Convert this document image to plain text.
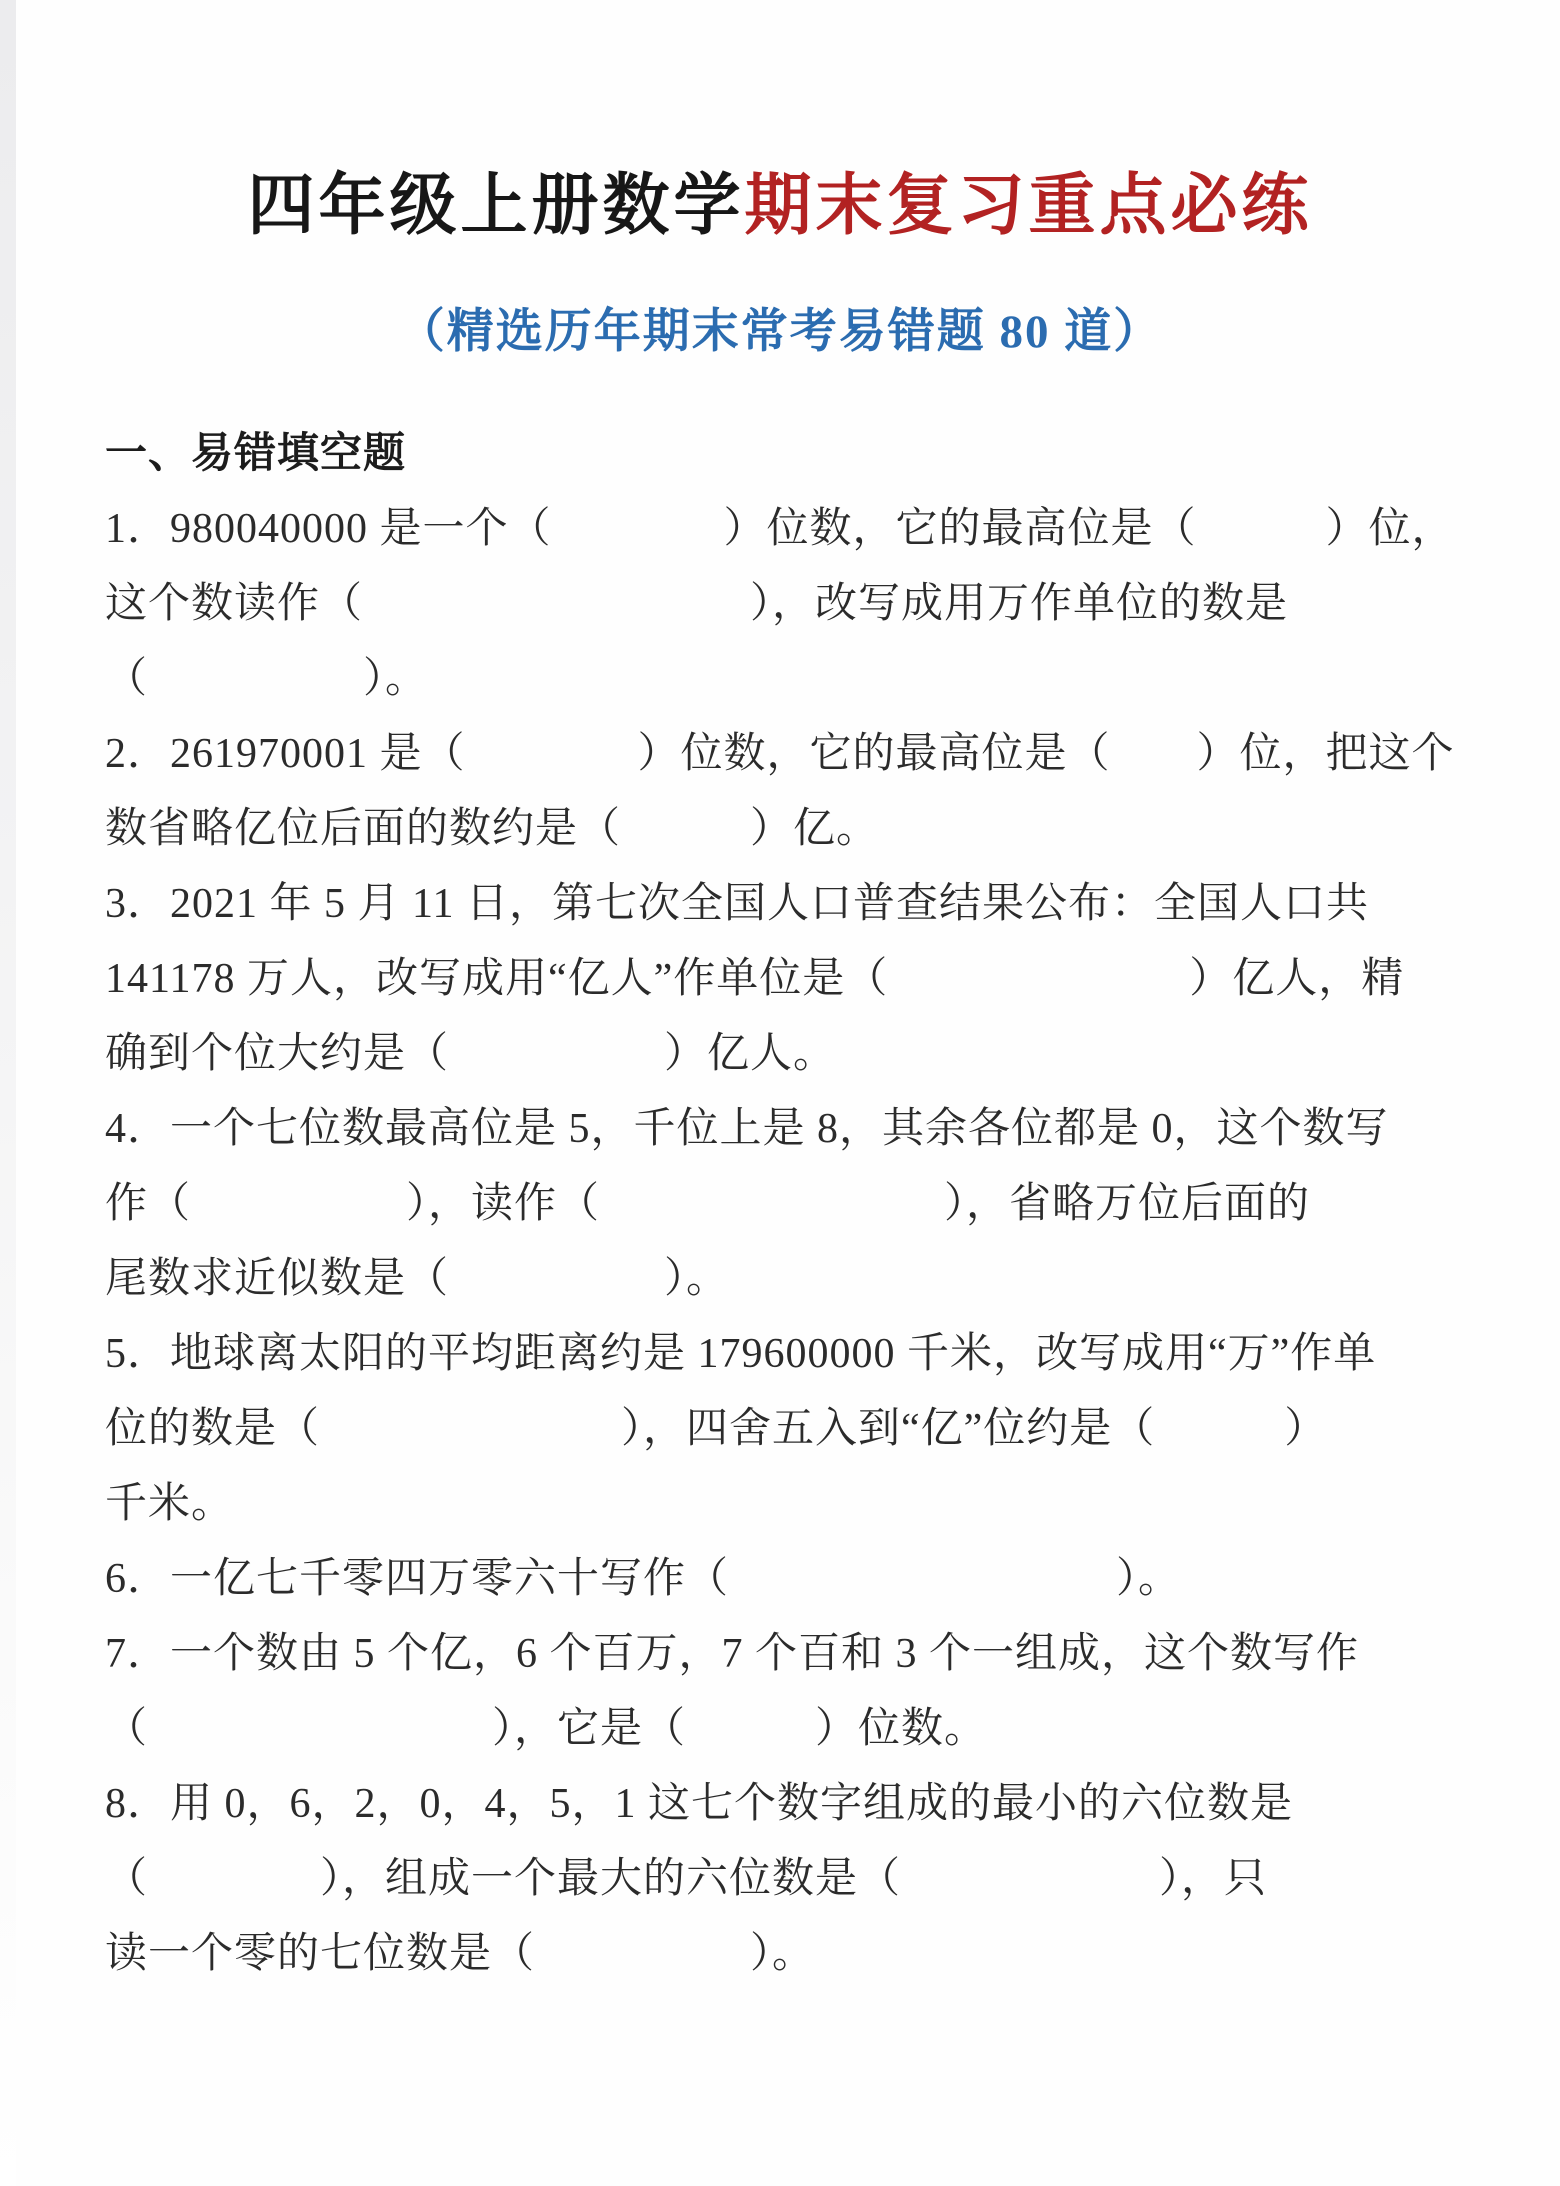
四年级上册数学期末复习重点必练
（精选历年期末常考易错题 80 道）

一、易错填空题

1．980040000 是一个（　　　　）位数，它的最高位是（　　　）位，

这个数读作（　　　　　　　　　），改写成用万作单位的数是

（　　　　　）。

2．261970001 是（　　　　）位数，它的最高位是（　　）位，把这个

数省略亿位后面的数约是（　　　）亿。

3．2021 年 5 月 11 日，第七次全国人口普查结果公布：全国人口共

141178 万人，改写成用“亿人”作单位是（　　　　　　　）亿人，精

确到个位大约是（　　　　　）亿人。

4．一个七位数最高位是 5，千位上是 8，其余各位都是 0，这个数写

作（　　　　　），读作（　　　　　　　　），省略万位后面的

尾数求近似数是（　　　　　）。

5．地球离太阳的平均距离约是 179600000 千米，改写成用“万”作单

位的数是（　　　　　　　），四舍五入到“亿”位约是（　　　）

千米。

6．一亿七千零四万零六十写作（　　　　　　　　　）。

7．一个数由 5 个亿，6 个百万，7 个百和 3 个一组成，这个数写作

（　　　　　　　　），它是（　　　）位数。

8．用 0，6，2，0，4，5，1 这七个数字组成的最小的六位数是

（　　　　），组成一个最大的六位数是（　　　　　　），只

读一个零的七位数是（　　　　　）。
